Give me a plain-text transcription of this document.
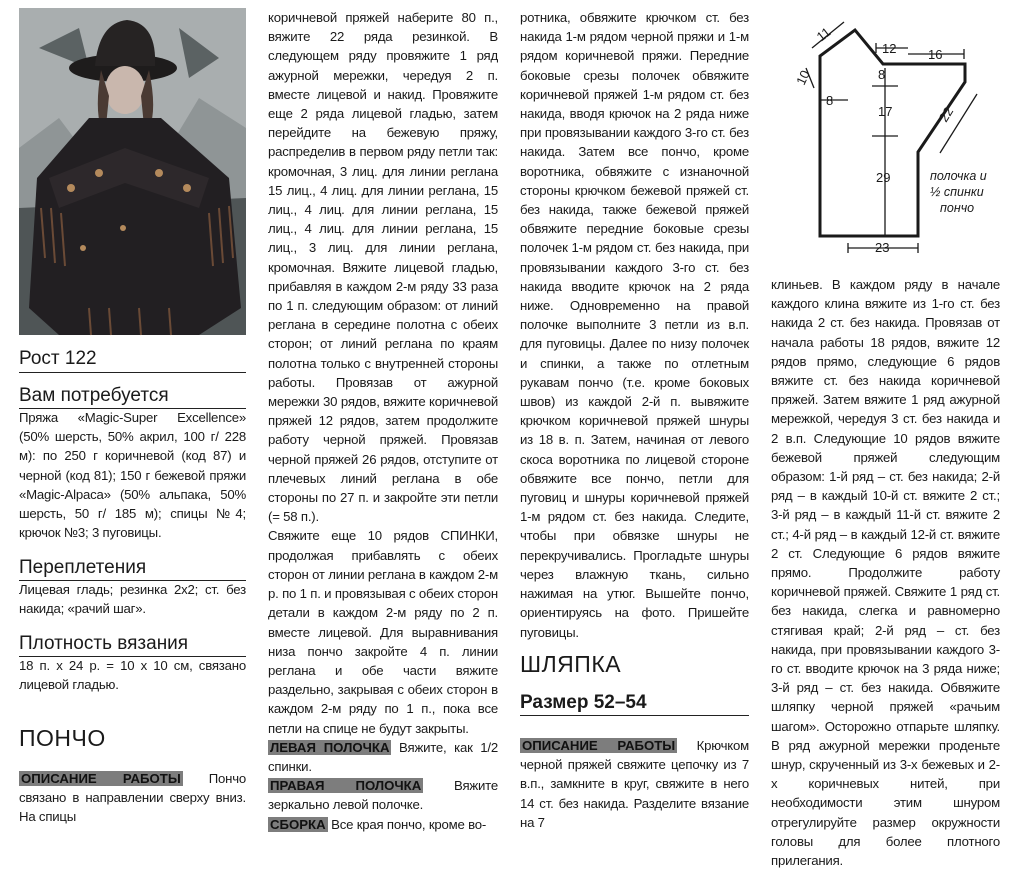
Рост 122
Вам потребуется

Пряжа «Magic-Super Excellence» (50% шерсть, 50% акрил, 100 г/ 228 м): по 250 г коричневой (код 87) и черной (код 81); 150 г бежевой пряжи «Magic-Alpaca» (50% альпака, 50% шерсть, 50 г/ 185 м); спицы №4; крючок №3; 3 пуговицы.

Переплетения

Лицевая гладь; резинка 2х2; ст. без накида; «рачий шаг».

Плотность вязания

18 п. х 24 р. = 10 х 10 см, связано лицевой гладью.

ПОНЧО

ОПИСАНИЕ РАБОТЫ Пончо связано в направлении сверху вниз. На спицы

коричневой пряжей наберите 80 п., вяжите 22 ряда резинкой. В следующем ряду провяжите 1 ряд ажурной мережки, чередуя 2 п. вместе лицевой и накид. Провяжите еще 2 ряда лицевой гладью, затем перейдите на бежевую пряжу, распределив в первом ряду петли так: кромочная, 3 лиц. для линии реглана 15 лиц., 4 лиц. для линии реглана, 15 лиц., 4 лиц. для линии реглана, 15 лиц., 4 лиц. для линии реглана, 15 лиц., 3 лиц. для линии реглана, кромочная. Вяжите лицевой гладью, прибавляя в каждом 2-м ряду 33 раза по 1 п. следующим образом: от линий реглана в середине полотна с обеих сторон; от линий реглана по краям полотна только с внутренней стороны работы. Провязав от ажурной мережки 30 рядов, вяжите коричневой пряжей 12 рядов, затем продолжите работу черной пряжей. Провязав черной пряжей 26 рядов, отступите от плечевых линий реглана в обе стороны по 27 п. и закройте эти петли (= 58 п.).

Свяжите еще 10 рядов СПИНКИ, продолжая прибавлять с обеих сторон от линии реглана в каждом 2-м р. по 1 п. и провязывая с обеих сторон детали в каждом 2-м ряду по 2 п. вместе лицевой. Для выравнивания низа пончо закройте 4 п. линии реглана и обе части вяжите раздельно, закрывая с обеих сторон в каждом 2-м ряду по 1 п., пока все петли на спице не будут закрыты.

ЛЕВАЯ ПОЛОЧКА Вяжите, как 1/2 спинки.

ПРАВАЯ ПОЛОЧКА Вяжите зеркально левой полочке.

СБОРКА Все края пончо, кроме во-

ротника, обвяжите крючком ст. без накида 1-м рядом черной пряжи и 1-м рядом коричневой пряжи. Передние боковые срезы полочек обвяжите коричневой пряжей 1-м рядом ст. без накида, вводя крючок на 2 ряда ниже при провязывании каждого 3-го ст. без накида. Затем все пончо, кроме воротника, обвяжите с изнаночной стороны крючком бежевой пряжей ст. без накида, также бежевой пряжей обвяжите передние боковые срезы полочек 1-м рядом ст. без накида, при провязывании каждого 3-го ст. без накида вводите крючок на 2 ряда ниже. Одновременно на правой полочке выполните 3 петли из в.п. для пуговицы. Далее по низу полочек и спинки, а также по отлетным рукавам пончо (т.е. кроме боковых швов) из каждой 2-й п. вывяжите крючком коричневой пряжей шнуры из 18 в. п. Затем, начиная от левого скоса воротника по лицевой стороне обвяжите все пончо, петли для пуговиц и шнуры коричневой пряжей 1-м рядом ст. без накида. Следите, чтобы при обвязке шнуры не перекручивались. Прогладьте шнуры через влажную ткань, сильно нажимая на утюг. Вышейте пончо, ориентируясь на фото. Пришейте пуговицы.

ШЛЯПКА
Размер 52–54

ОПИСАНИЕ РАБОТЫ Крючком черной пряжей свяжите цепочку из 7 в.п., замкните в круг, свяжите в него 14 ст. без накида. Разделите вязание на 7

11
12 16
10	8
8
17	22
29
23
полочка и
½ спинки
пончо

клиньев. В каждом ряду в начале каждого клина вяжите из 1-го ст. без накида 2 ст. без накида. Провязав от начала работы 18 рядов, вяжите 12 рядов прямо, следующие 6 рядов вяжите ст. без накида коричневой пряжей. Затем вяжите 1 ряд ажурной мережкой, чередуя 3 ст. без накида и 2 в.п. Следующие 10 рядов вяжите бежевой пряжей следующим образом: 1-й ряд – ст. без накида; 2-й ряд – в каждый 10-й ст. вяжите 2 ст.; 3-й ряд – в каждый 11-й ст. вяжите 2 ст.; 4-й ряд – в каждый 12-й ст. вяжите 2 ст. Следующие 6 рядов вяжите прямо. Продолжите работу коричневой пряжей. Свяжите 1 ряд ст. без накида, слегка и равномерно стягивая край; 2-й ряд – ст. без накида, при провязывании каждого 3-го ст. вводите крючок на 3 ряда ниже; 3-й ряд – ст. без накида. Обвяжите шляпку черной пряжей «рачьим шагом». Осторожно отпарьте шляпку. В ряд ажурной мережки проденьте шнур, скрученный из 3-х бежевых и 2-х коричневых нитей, при необходимости этим шнуром отрегулируйте размер окружности головы для более плотного прилегания.
